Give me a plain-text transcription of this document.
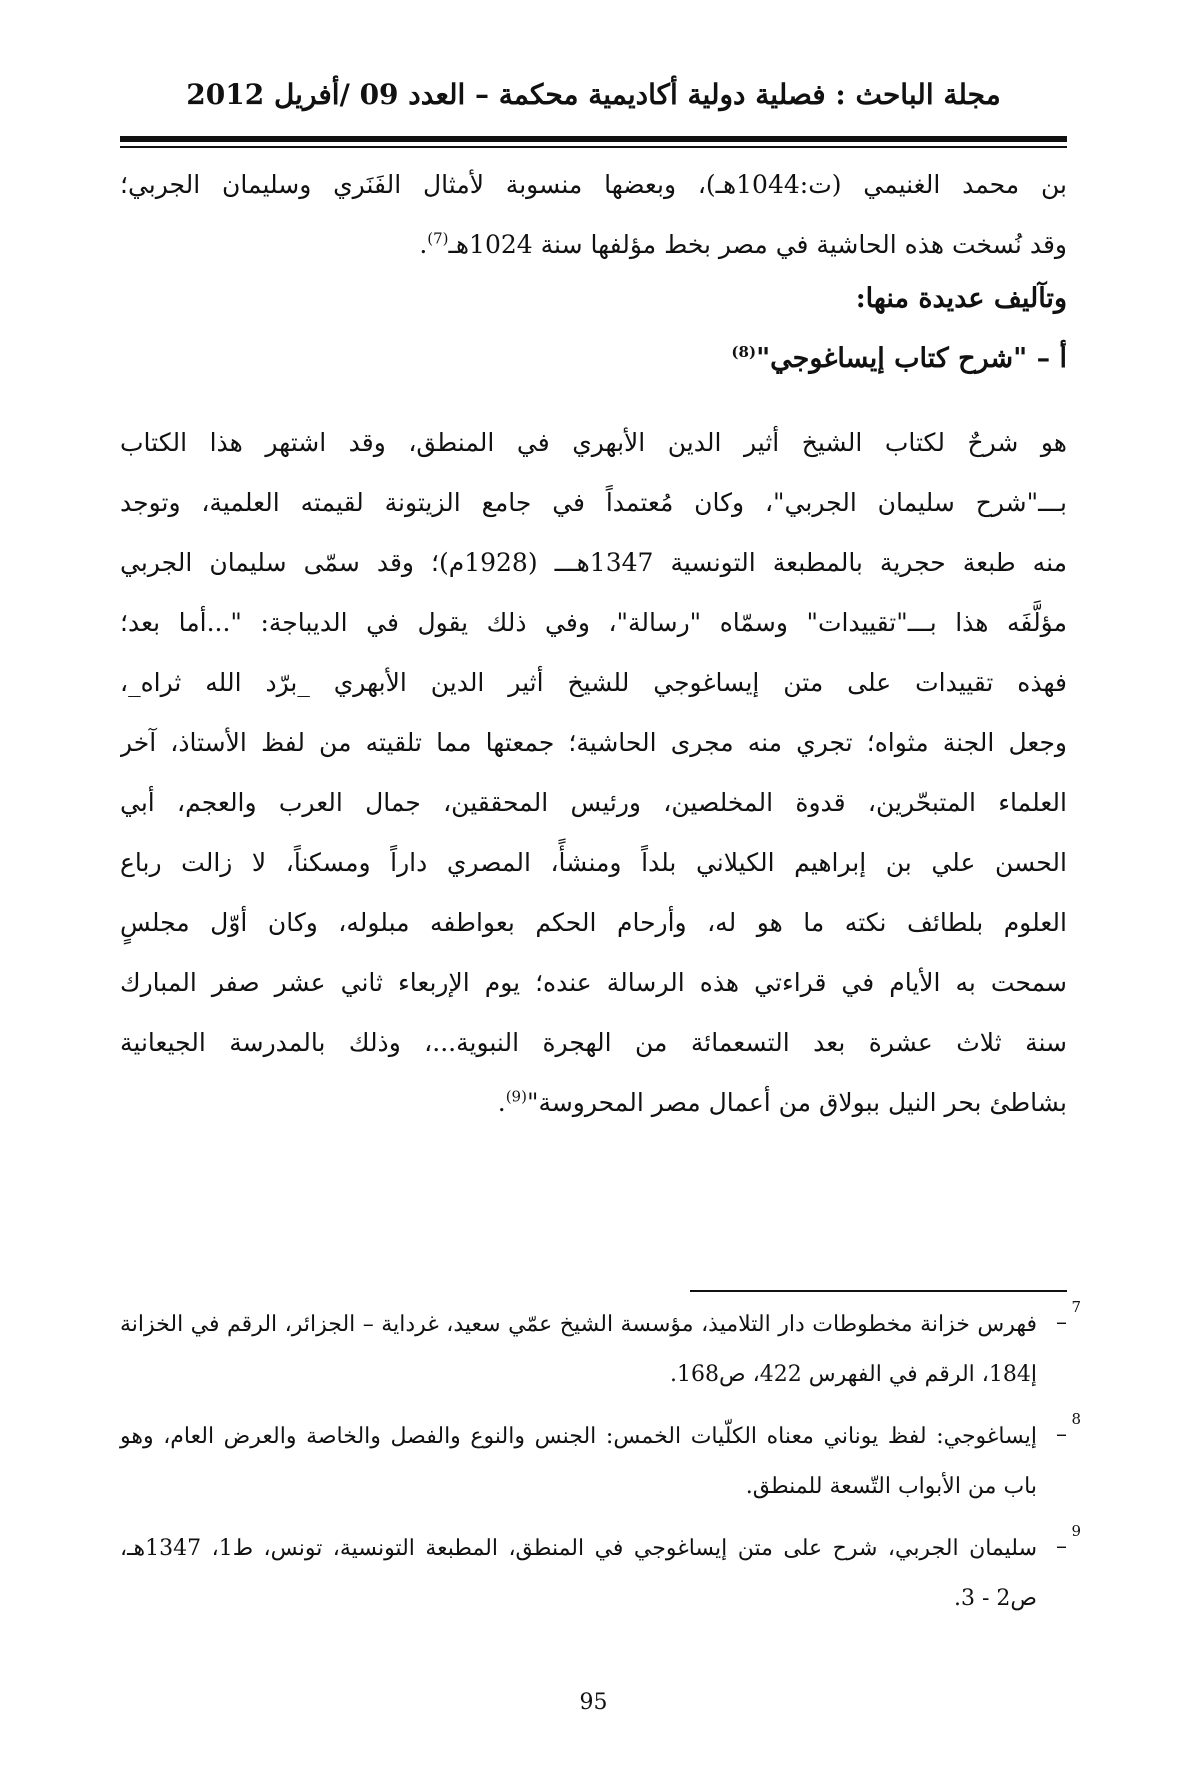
مجلة الباحث : فصلية دولية أكاديمية محكمة – العدد 09 /أفريل 2012
بن محمد الغنيمي (ت:1044هـ)، وبعضها منسوبة لأمثال الفَنَري وسليمان الجربي؛
وقد نُسخت هذه الحاشية في مصر بخط مؤلفها سنة 1024هـ$^{(7)}$.
وتآليف عديدة منها:
أ – "شرح كتاب إيساغوجي"$^{(8)}$
هو شرحٌ لكتاب الشيخ أثير الدين الأبهري في المنطق، وقد اشتهر هذا الكتاب
بـــ"شرح سليمان الجربي"، وكان مُعتمداً في جامع الزيتونة لقيمته العلمية، وتوجد
منه طبعة حجرية بالمطبعة التونسية 1347هـــ (1928م)؛ وقد سمّى سليمان الجربي
مؤلَّفَه هذا بـــ"تقييدات" وسمّاه "رسالة"، وفي ذلك يقول في الديباجة: "...أما بعد؛
فهذه تقييدات على متن إيساغوجي للشيخ أثير الدين الأبهري _برّد الله ثراه_،
وجعل الجنة مثواه؛ تجري منه مجرى الحاشية؛ جمعتها مما تلقيته من لفظ الأستاذ، آخر
العلماء المتبحّرين، قدوة المخلصين، ورئيس المحققين، جمال العرب والعجم، أبي
الحسن علي بن إبراهيم الكيلاني بلداً ومنشأً، المصري داراً ومسكناً، لا زالت رباع
العلوم بلطائف نكته ما هو له، وأرحام الحكم بعواطفه مبلوله، وكان أوّل مجلسٍ
سمحت به الأيام في قراءتي هذه الرسالة عنده؛ يوم الإربعاء ثاني عشر صفر المبارك
سنة ثلاث عشرة بعد التسعمائة من الهجرة النبوية...، وذلك بالمدرسة الجيعانية
بشاطئ بحر النيل ببولاق من أعمال مصر المحروسة"$^{(9)}$.
7
–
فهرس خزانة مخطوطات دار التلاميذ، مؤسسة الشيخ عمّي سعيد، غرداية – الجزائر، الرقم في الخزانة إ184، الرقم في الفهرس 422، ص168.
8
–
إيساغوجي: لفظ يوناني معناه الكلّيات الخمس: الجنس والنوع والفصل والخاصة والعرض العام، وهو باب من الأبواب التّسعة للمنطق.
9
–
سليمان الجربي، شرح على متن إيساغوجي في المنطق، المطبعة التونسية، تونس، ط1، 1347هـ، ص2 - 3.
95
